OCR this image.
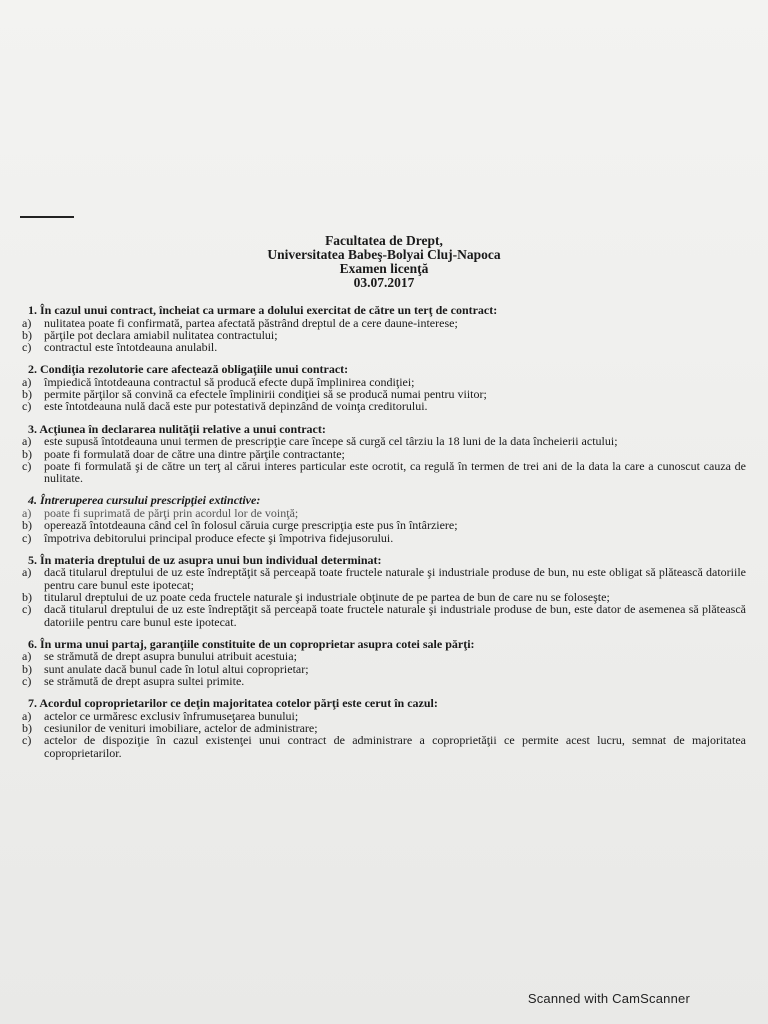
Facultatea de Drept,
Universitatea Babeş-Bolyai Cluj-Napoca
Examen licenţă
03.07.2017
1. În cazul unui contract, încheiat ca urmare a dolului exercitat de către un terţ de contract:
a)	nulitatea poate fi confirmată, partea afectată păstrând dreptul de a cere daune-interese;
b)	părţile pot declara amiabil nulitatea contractului;
c)	contractul este întotdeauna anulabil.
2. Condiţia rezolutorie care afectează obligaţiile unui contract:
a)	împiedică întotdeauna contractul să producă efecte după împlinirea condiţiei;
b)	permite părţilor să convină ca efectele împlinirii condiţiei să se producă numai pentru viitor;
c)	este întotdeauna nulă dacă este pur potestativă depinzând de voinţa creditorului.
3. Acţiunea în declararea nulităţii relative a unui contract:
a)	este supusă întotdeauna unui termen de prescripţie care începe să curgă cel târziu la 18 luni de la data încheierii actului;
b)	poate fi formulată doar de către una dintre părţile contractante;
c)	poate fi formulată şi de către un terţ al cărui interes particular este ocrotit, ca regulă în termen de trei ani de la data la care a cunoscut cauza de nulitate.
4. Întreruperea cursului prescripţiei extinctive:
a)	poate fi suprimată de părţi prin acordul lor de voinţă;
b)	operează întotdeauna când cel în folosul căruia curge prescripţia este pus în întârziere;
c)	împotriva debitorului principal produce efecte şi împotriva fidejusorului.
5. În materia dreptului de uz asupra unui bun individual determinat:
a)	dacă titularul dreptului de uz este îndreptăţit să perceapă toate fructele naturale şi industriale produse de bun, nu este obligat să plătească datoriile pentru care bunul este ipotecat;
b)	titularul dreptului de uz poate ceda fructele naturale şi industriale obţinute de pe partea de bun de care nu se foloseşte;
c)	dacă titularul dreptului de uz este îndreptăţit să perceapă toate fructele naturale şi industriale produse de bun, este dator de asemenea să plătească datoriile pentru care bunul este ipotecat.
6. În urma unui partaj, garanţiile constituite de un coproprietar asupra cotei sale părţi:
a)	se strămută de drept asupra bunului atribuit acestuia;
b)	sunt anulate dacă bunul cade în lotul altui coproprietar;
c)	se strămută de drept asupra sultei primite.
7. Acordul coproprietarilor ce deţin majoritatea cotelor părţi este cerut în cazul:
a)	actelor ce urmăresc exclusiv înfrumuseţarea bunului;
b)	cesiunilor de venituri imobiliare, actelor de administrare;
c)	actelor de dispoziţie în cazul existenţei unui contract de administrare a coproprietăţii ce permite acest lucru, semnat de majoritatea coproprietarilor.
Scanned with CamScanner
